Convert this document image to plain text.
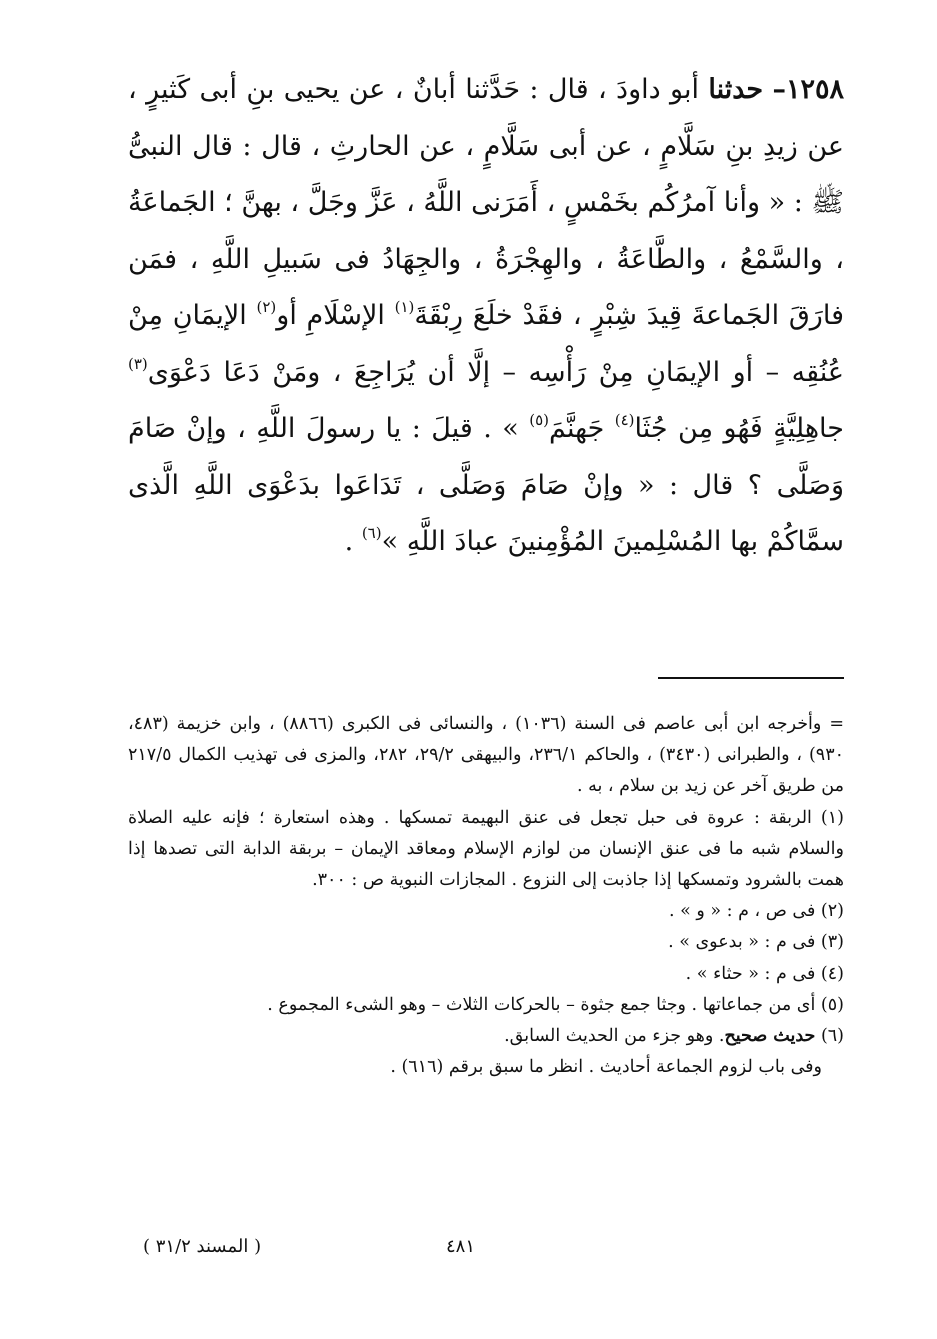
١٢٥٨– حدثنا أبو داودَ ، قال : حَدَّثنا أبانٌ ، عن يحيى بنِ أبى كَثيرٍ ، عن زيدِ بنِ سَلَّامٍ ، عن أبى سَلَّامٍ ، عن الحارثِ ، قال : قال النبىُّ ﷺ : « وأنا آمرُكُم بخَمْسٍ ، أَمَرَنى اللَّهُ ، عَزَّ وجَلَّ ، بهنَّ ؛ الجَماعَةُ ، والسَّمْعُ ، والطَّاعَةُ ، والهِجْرَةُ ، والجِهَادُ فى سَبيلِ اللَّهِ ، فمَن فارَقَ الجَماعةَ قِيدَ شِبْرٍ ، فقَدْ خلَعَ رِبْقَةَ$^{(١)}$ الإسْلَامِ أو$^{(٢)}$ الإيمَانِ مِنْ عُنُقِه – أو الإيمَانِ مِنْ رَأْسِه – إلَّا أن يُرَاجِعَ ، ومَنْ دَعَا دَعْوَى$^{(٣)}$ جاهِلِيَّةٍ فَهُو مِن جُثَا$^{(٤)}$ جَهنَّمَ$^{(٥)}$ » . قيلَ : يا رسولَ اللَّهِ ، وإنْ صَامَ وَصَلَّى ؟ قال : « وإنْ صَامَ وَصَلَّى ، تَدَاعَوا بدَعْوَى اللَّهِ الَّذى سمَّاكُمْ بها المُسْلِمينَ المُؤْمِنينَ عبادَ اللَّهِ »$^{(٦)}$ .

= وأخرجه ابن أبى عاصم فى السنة (١٠٣٦) ، والنسائى فى الكبرى (٨٨٦٦) ، وابن خزيمة (٤٨٣، ٩٣٠) ، والطبرانى (٣٤٣٠) ، والحاكم ٢٣٦/١، والبيهقى ٢٩/٢، ٢٨٢، والمزى فى تهذيب الكمال ٢١٧/٥ من طريق آخر عن زيد بن سلام ، به .

(١) الربقة : عروة فى حبل تجعل فى عنق البهيمة تمسكها . وهذه استعارة ؛ فإنه عليه الصلاة والسلام شبه ما فى عنق الإنسان من لوازم الإسلام ومعاقد الإيمان – بربقة الدابة التى تصدها إذا همت بالشرود وتمسكها إذا جاذبت إلى النزوع . المجازات النبوية ص : ٣٠٠.

(٢) فى ص ، م : « و » .

(٣) فى م : « بدعوى » .

(٤) فى م : « حثاء » .

(٥) أى من جماعاتها . وجثا جمع جثوة – بالحركات الثلاث – وهو الشىء المجموع .

(٦) حديث صحيح. وهو جزء من الحديث السابق.

وفى باب لزوم الجماعة أحاديث . انظر ما سبق برقم (٦١٦) .

٤٨١
( المسند ٣١/٢ )
